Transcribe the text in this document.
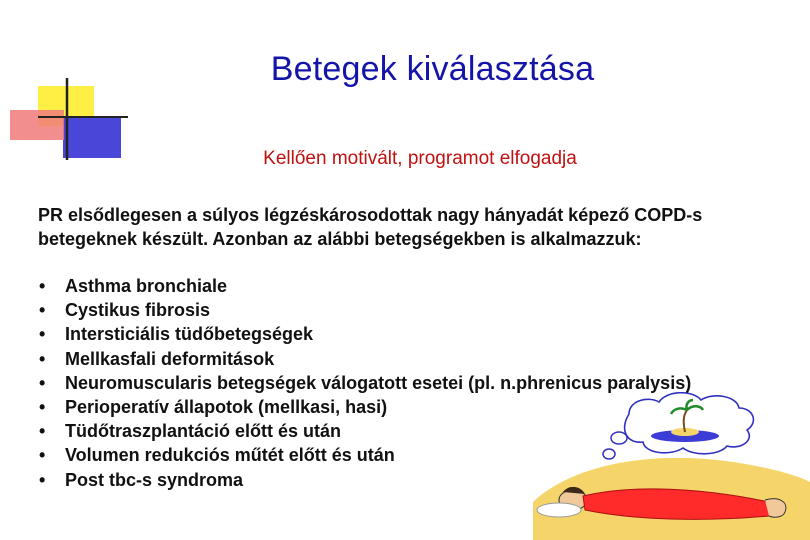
Betegek kiválasztása

Kellően motivált, programot elfogadja

PR elsődlegesen a súlyos légzéskárosodottak nagy hányadát képező COPD-s betegeknek készült. Azonban az alábbi betegségekben is alkalmazzuk:

• Asthma bronchiale
• Cystikus fibrosis
• Intersticiális tüdőbetegségek
• Mellkasfali deformitások
• Neuromuscularis betegségek válogatott esetei (pl. n.phrenicus paralysis)
• Perioperatív állapotok (mellkasi, hasi)
• Tüdőtraszplantáció előtt és után
• Volumen redukciós műtét előtt és után
• Post tbc-s syndroma
